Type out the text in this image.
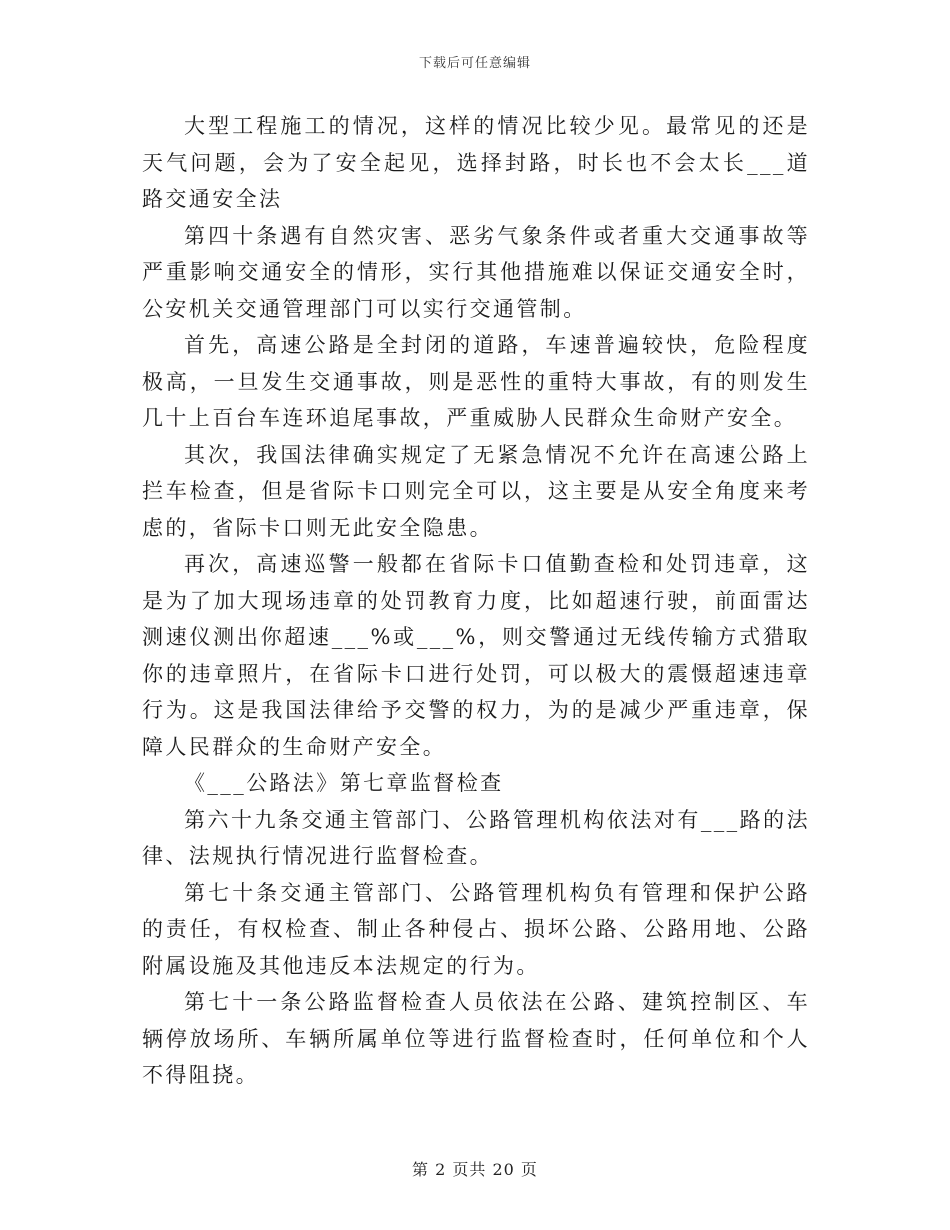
下载后可任意编辑

大型工程施工的情况，这样的情况比较少见。最常见的还是天气问题，会为了安全起见，选择封路，时长也不会太长___道路交通安全法

第四十条遇有自然灾害、恶劣气象条件或者重大交通事故等严重影响交通安全的情形，实行其他措施难以保证交通安全时，公安机关交通管理部门可以实行交通管制。

首先，高速公路是全封闭的道路，车速普遍较快，危险程度极高，一旦发生交通事故，则是恶性的重特大事故，有的则发生几十上百台车连环追尾事故，严重威胁人民群众生命财产安全。

其次，我国法律确实规定了无紧急情况不允许在高速公路上拦车检查，但是省际卡口则完全可以，这主要是从安全角度来考虑的，省际卡口则无此安全隐患。

再次，高速巡警一般都在省际卡口值勤查检和处罚违章，这是为了加大现场违章的处罚教育力度，比如超速行驶，前面雷达测速仪测出你超速___%或___%，则交警通过无线传输方式猎取你的违章照片，在省际卡口进行处罚，可以极大的震慑超速违章行为。这是我国法律给予交警的权力，为的是减少严重违章，保障人民群众的生命财产安全。

《___公路法》第七章监督检查

第六十九条交通主管部门、公路管理机构依法对有___路的法律、法规执行情况进行监督检查。

第七十条交通主管部门、公路管理机构负有管理和保护公路的责任，有权检查、制止各种侵占、损坏公路、公路用地、公路附属设施及其他违反本法规定的行为。

第七十一条公路监督检查人员依法在公路、建筑控制区、车辆停放场所、车辆所属单位等进行监督检查时，任何单位和个人不得阻挠。

第 2 页共 20 页
